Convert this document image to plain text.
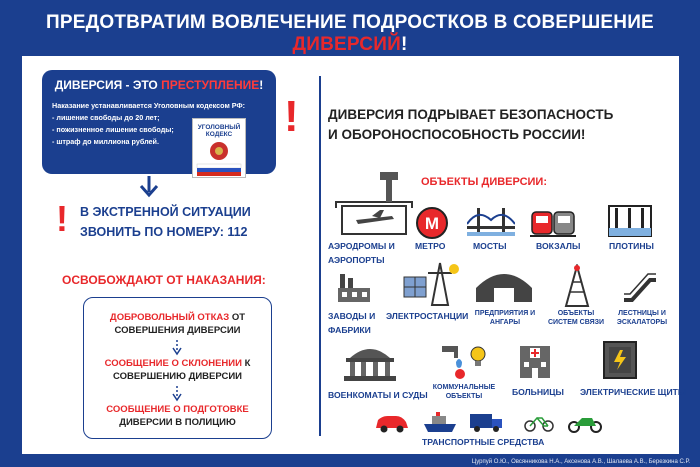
ПРЕДОТВРАТИМ ВОВЛЕЧЕНИЕ ПОДРОСТКОВ В СОВЕРШЕНИЕ ДИВЕРСИЙ!
ДИВЕРСИЯ - ЭТО ПРЕСТУПЛЕНИЕ!
Наказание устанавливается Уголовным кодексом РФ:
- лишение свободы до 20 лет;
- пожизненное лишение свободы;
- штраф до миллиона рублей.
УГОЛОВНЫЙ КОДЕКС
! В ЭКСТРЕННОЙ СИТУАЦИИ
ЗВОНИТЬ ПО НОМЕРУ: 112
ОСВОБОЖДАЮТ ОТ НАКАЗАНИЯ:
ДОБРОВОЛЬНЫЙ ОТКАЗ ОТ
СОВЕРШЕНИЯ ДИВЕРСИИ
СООБЩЕНИЕ О СКЛОНЕНИИ К
СОВЕРШЕНИЮ ДИВЕРСИИ
СООБЩЕНИЕ О ПОДГОТОВКЕ
ДИВЕРСИИ В ПОЛИЦИЮ
! ДИВЕРСИЯ ПОДРЫВАЕТ БЕЗОПАСНОСТЬ
И ОБОРОНОСПОСОБНОСТЬ РОССИИ!
ОБЪЕКТЫ ДИВЕРСИИ:
АЭРОДРОМЫ И
АЭРОПОРТЫ
M
МЕТРО	МОСТЫ	ВОКЗАЛЫ	ПЛОТИНЫ
ЗАВОДЫ И
ФАБРИКИ
ЭЛЕКТРОСТАНЦИИ ПРЕДПРИЯТИЯ И
АНГАРЫ
ОБЪЕКТЫ
СИСТЕМ СВЯЗИ
ЛЕСТНИЦЫ И
ЭСКАЛАТОРЫ
ВОЕНКОМАТЫ И СУДЫ
КОММУНАЛЬНЫЕ
ОБЪЕКТЫ	БОЛЬНИЦЫ ЭЛЕКТРИЧЕСКИЕ ЩИТЫ
ТРАНСПОРТНЫЕ СРЕДСТВА
Цурпуй О.Ю., Овсянникова Н.А., Аксенова А.В., Шалаева А.В., Березкина С.Р.
